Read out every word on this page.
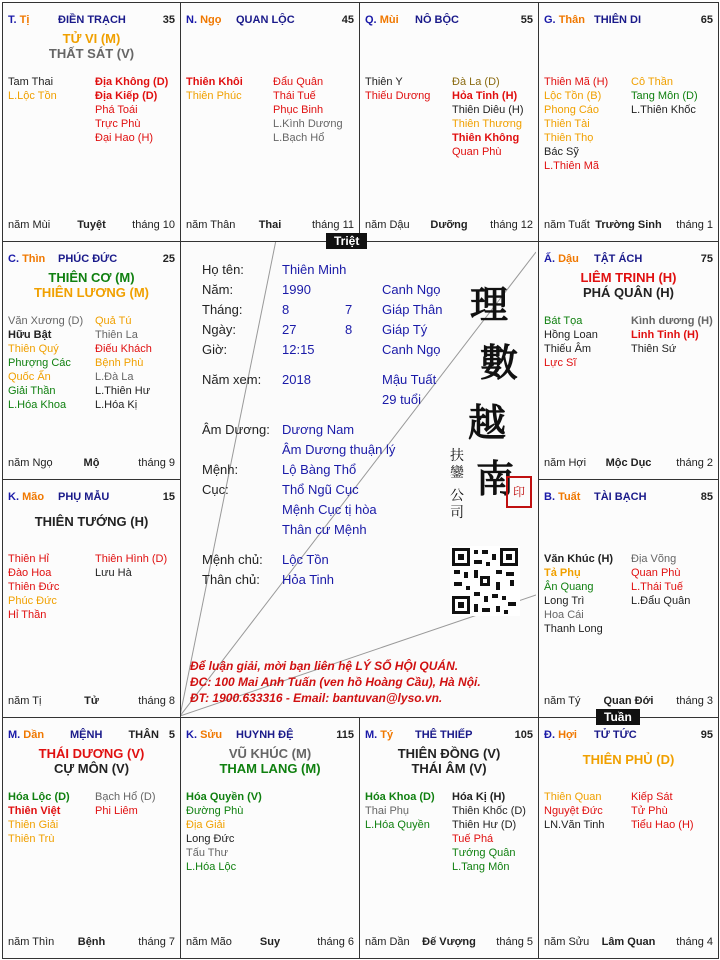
Họ tên:	Thiên Minh
Năm:	1990	Canh Ngọ
Tháng:	8	7 Giáp Thân
Ngày:	27	8 Giáp Tý
Giờ:	12:15	Canh Ngọ
Năm xem: 2018	Mậu Tuất
29 tuổi
Âm Dương: Dương Nam
Âm Dương thuận lý
Mệnh:	Lộ Bàng Thổ
Cục:	Thổ Ngũ Cục
Mệnh Cục tị hòa
Thân cư Mệnh
Mệnh chủ: Lộc Tồn
Thân chủ: Hỏa Tinh
理
數
越
南
印
扶
鑾
公
司
Để luận giải, mời bạn liên hệ LÝ SỐ HỘI QUÁN.
ĐC: 100 Mai Anh Tuấn (ven hồ Hoàng Cầu), Hà Nội.
ĐT: 1900.633316 - Email: bantuvan@lyso.vn.
T. Tị	ĐIỀN TRẠCH	35
TỬ VI (M)
THẤT SÁT (V)
Tam Thai
L.Lộc Tồn
Địa Không (D)
Địa Kiếp (D)
Phá Toái
Trực Phù
Đại Hao (H)
năm Mùi	Tuyệt	tháng 10
N. Ngọ QUAN LỘC	45
Thiên Khôi
Thiên Phúc
Đẩu Quân
Thái Tuế
Phục Binh
L.Kình Dương
L.Bạch Hổ
năm Thân	Thai	tháng 11
Q. Mùi NÔ BỘC	55
Thiên Y
Thiếu Dương
Đà La (D)
Hỏa Tinh (H)
Thiên Diêu (H)
Thiên Thương
Thiên Không
Quan Phù
năm Dậu	Dưỡng	tháng 12
G. Thân THIÊN DI	65
Thiên Mã (H)
Lộc Tồn (B)
Phong Cáo
Thiên Tài
Thiên Thọ
Bác Sỹ
L.Thiên Mã
Cô Thần
Tang Môn (D)
L.Thiên Khốc
năm Tuất Trường Sinh	tháng 1
C. Thìn PHÚC ĐỨC	25
THIÊN CƠ (M)
THIÊN LƯƠNG (M)
Văn Xương (D)
Hữu Bật
Thiên Quý
Phượng Các
Quốc Ấn
Giải Thần
L.Hóa Khoa
Quả Tú
Thiên La
Điếu Khách
Bệnh Phù
L.Đà La
L.Thiên Hư
L.Hóa Kị
năm Ngọ	Mộ	tháng 9
Ấ. Dậu TẬT ÁCH	75
LIÊM TRINH (H)
PHÁ QUÂN (H)
Bát Tọa
Hồng Loan
Thiếu Âm
Lực Sĩ
Kình dương (H)
Linh Tinh (H)
Thiên Sứ
năm Hợi	Mộc Dục	tháng 2
K. Mão PHỤ MẪU	15
THIÊN TƯỚNG (H)
Thiên Hỉ
Đào Hoa
Thiên Đức
Phúc Đức
Hỉ Thần
Thiên Hình (D)
Lưu Hà
năm Tị	Tử	tháng 8
B. Tuất TÀI BẠCH	85
Văn Khúc (H)
Tả Phụ
Ân Quang
Long Trì
Hoa Cái
Thanh Long
Địa Võng
Quan Phù
L.Thái Tuế
L.Đẩu Quân
năm Tý	Quan Đới	tháng 3
M. Dần MỆNH THÂN 5
THÁI DƯƠNG (V)
CỰ MÔN (V)
Hóa Lộc (D)
Thiên Việt
Thiên Giải
Thiên Trù
Bạch Hổ (D)
Phi Liêm
năm Thìn	Bệnh	tháng 7
K. Sửu HUYNH ĐỆ	115
VŨ KHÚC (M)
THAM LANG (M)
Hóa Quyền (V)
Đường Phù
Địa Giải
Long Đức
Tấu Thư
L.Hóa Lộc
năm Mão	Suy	tháng 6
M. Tý THÊ THIẾP	105
THIÊN ĐỒNG (V)
THÁI ÂM (V)
Hóa Khoa (D)
Thai Phụ
L.Hóa Quyền
Hóa Kị (H)
Thiên Khốc (D)
Thiên Hư (D)
Tuế Phá
Tướng Quân
L.Tang Môn
năm Dần	Đế Vượng	tháng 5
Đ. Hợi TỬ TỨC	95
THIÊN PHỦ (D)
Thiên Quan
Nguyệt Đức
LN.Văn Tinh
Kiếp Sát
Tử Phù
Tiểu Hao (H)
năm Sửu	Lâm Quan	tháng 4
Triệt
Tuần
